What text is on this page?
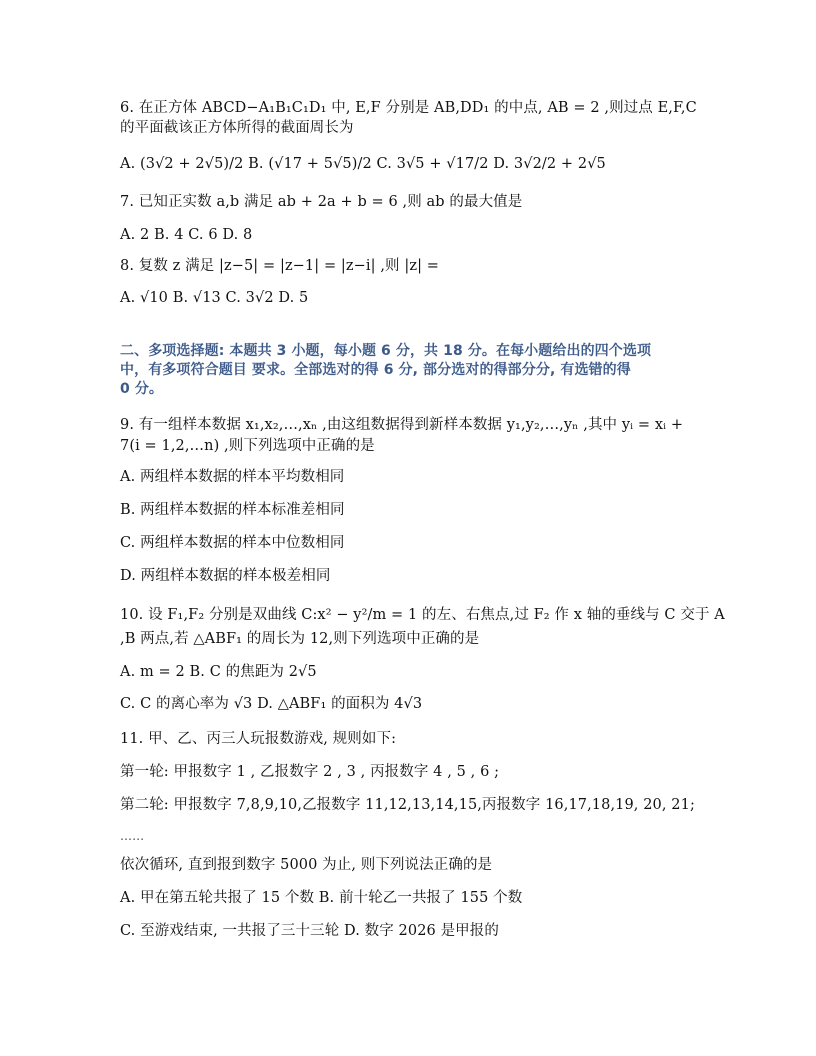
6. 在正方体 ABCD−A₁B₁C₁D₁ 中, E,F 分别是 AB,DD₁ 的中点, AB = 2 ,则过点 E,F,C
的平面截该正方体所得的截面周长为
A. (3√2 + 2√5)/2 B. (√17 + 5√5)/2 C. 3√5 + √17/2 D. 3√2/2 + 2√5
7. 已知正实数 a,b 满足 ab + 2a + b = 6 ,则 ab 的最大值是
A. 2 B. 4 C. 6 D. 8
8. 复数 z 满足 |z−5| = |z−1| = |z−i| ,则 |z| =
A. √10 B. √13 C. 3√2 D. 5
二、多项选择题: 本题共 3 小题，每小题 6 分，共 18 分。在每小题给出的四个选项
中，有多项符合题目 要求。全部选对的得 6 分, 部分选对的得部分分, 有选错的得
0 分。
9. 有一组样本数据 x₁,x₂,…,xₙ ,由这组数据得到新样本数据 y₁,y₂,…,yₙ ,其中 yᵢ = xᵢ +
7(i = 1,2,…n) ,则下列选项中正确的是
A. 两组样本数据的样本平均数相同
B. 两组样本数据的样本标准差相同
C. 两组样本数据的样本中位数相同
D. 两组样本数据的样本极差相同
10. 设 F₁,F₂ 分别是双曲线 C:x² − y²/m = 1 的左、右焦点,过 F₂ 作 x 轴的垂线与 C 交于 A
,B 两点,若 △ABF₁ 的周长为 12,则下列选项中正确的是
A. m = 2 B. C 的焦距为 2√5
C. C 的离心率为 √3 D. △ABF₁ 的面积为 4√3
11. 甲、乙、丙三人玩报数游戏, 规则如下:
第一轮: 甲报数字 1 , 乙报数字 2 , 3 , 丙报数字 4 , 5 , 6 ;
第二轮: 甲报数字 7,8,9,10,乙报数字 11,12,13,14,15,丙报数字 16,17,18,19, 20, 21;
……
依次循环, 直到报到数字 5000 为止, 则下列说法正确的是
A. 甲在第五轮共报了 15 个数 B. 前十轮乙一共报了 155 个数
C. 至游戏结束, 一共报了三十三轮 D. 数字 2026 是甲报的
